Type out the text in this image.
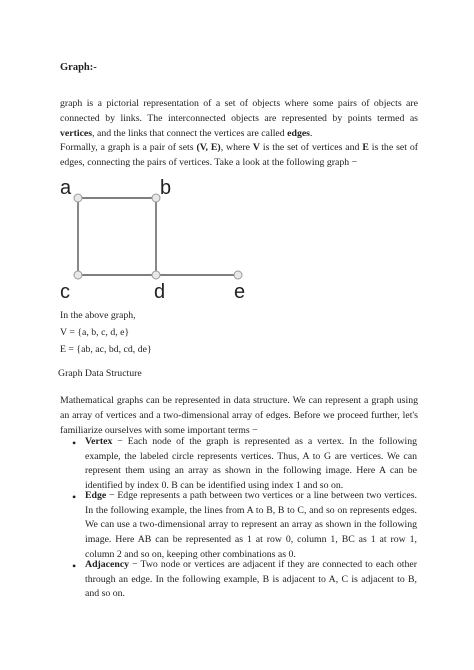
Graph:-

graph is a pictorial representation of a set of objects where some pairs of objects are connected by links. The interconnected objects are represented by points termed as vertices, and the links that connect the vertices are called edges.

Formally, a graph is a pair of sets (V, E), where V is the set of vertices and E is the set of edges, connecting the pairs of vertices. Take a look at the following graph −

a	b
c	d	e
In the above graph,
V = {a, b, c, d, e}
E = {ab, ac, bd, cd, de}
Graph Data Structure

Mathematical graphs can be represented in data structure. We can represent a graph using an array of vertices and a two-dimensional array of edges. Before we proceed further, let's familiarize ourselves with some important terms −

• Vertex − Each node of the graph is represented as a vertex. In the following example, the labeled circle represents vertices. Thus, A to G are vertices. We can represent them using an array as shown in the following image. Here A can be identified by index 0. B can be identified using index 1 and so on.

• Edge − Edge represents a path between two vertices or a line between two vertices. In the following example, the lines from A to B, B to C, and so on represents edges. We can use a two-dimensional array to represent an array as shown in the following image. Here AB can be represented as 1 at row 0, column 1, BC as 1 at row 1, column 2 and so on, keeping other combinations as 0.

• Adjacency − Two node or vertices are adjacent if they are connected to each other through an edge. In the following example, B is adjacent to A, C is adjacent to B, and so on.
